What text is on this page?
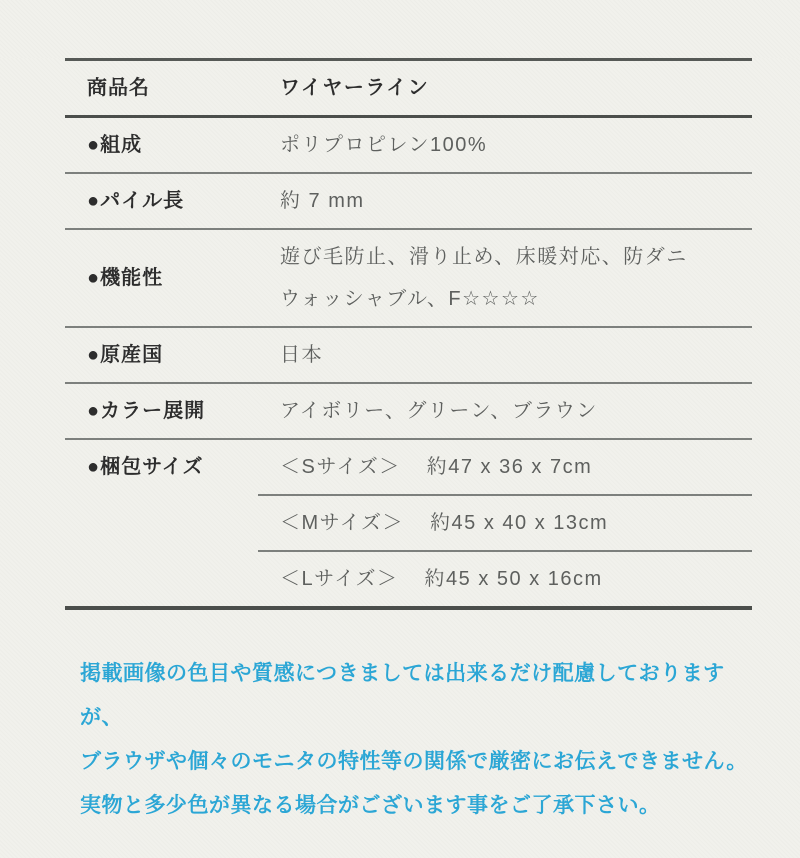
商品名	ワイヤーライン
●組成	ポリプロピレン100%
●パイル長	約 7 mm
●機能性
遊び毛防止、滑り止め、床暖対応、防ダニ
ウォッシャブル、F☆☆☆☆
●原産国	日本
●カラー展開	アイボリー、グリーン、ブラウン
●梱包サイズ	＜Sサイズ＞ 約47 x 36 x 7cm
＜Mサイズ＞ 約45 x 40 x 13cm
＜Lサイズ＞ 約45 x 50 x 16cm
掲載画像の色目や質感につきましては出来るだけ配慮しておりますが、
ブラウザや個々のモニタの特性等の関係で厳密にお伝えできません。
実物と多少色が異なる場合がございます事をご了承下さい。
